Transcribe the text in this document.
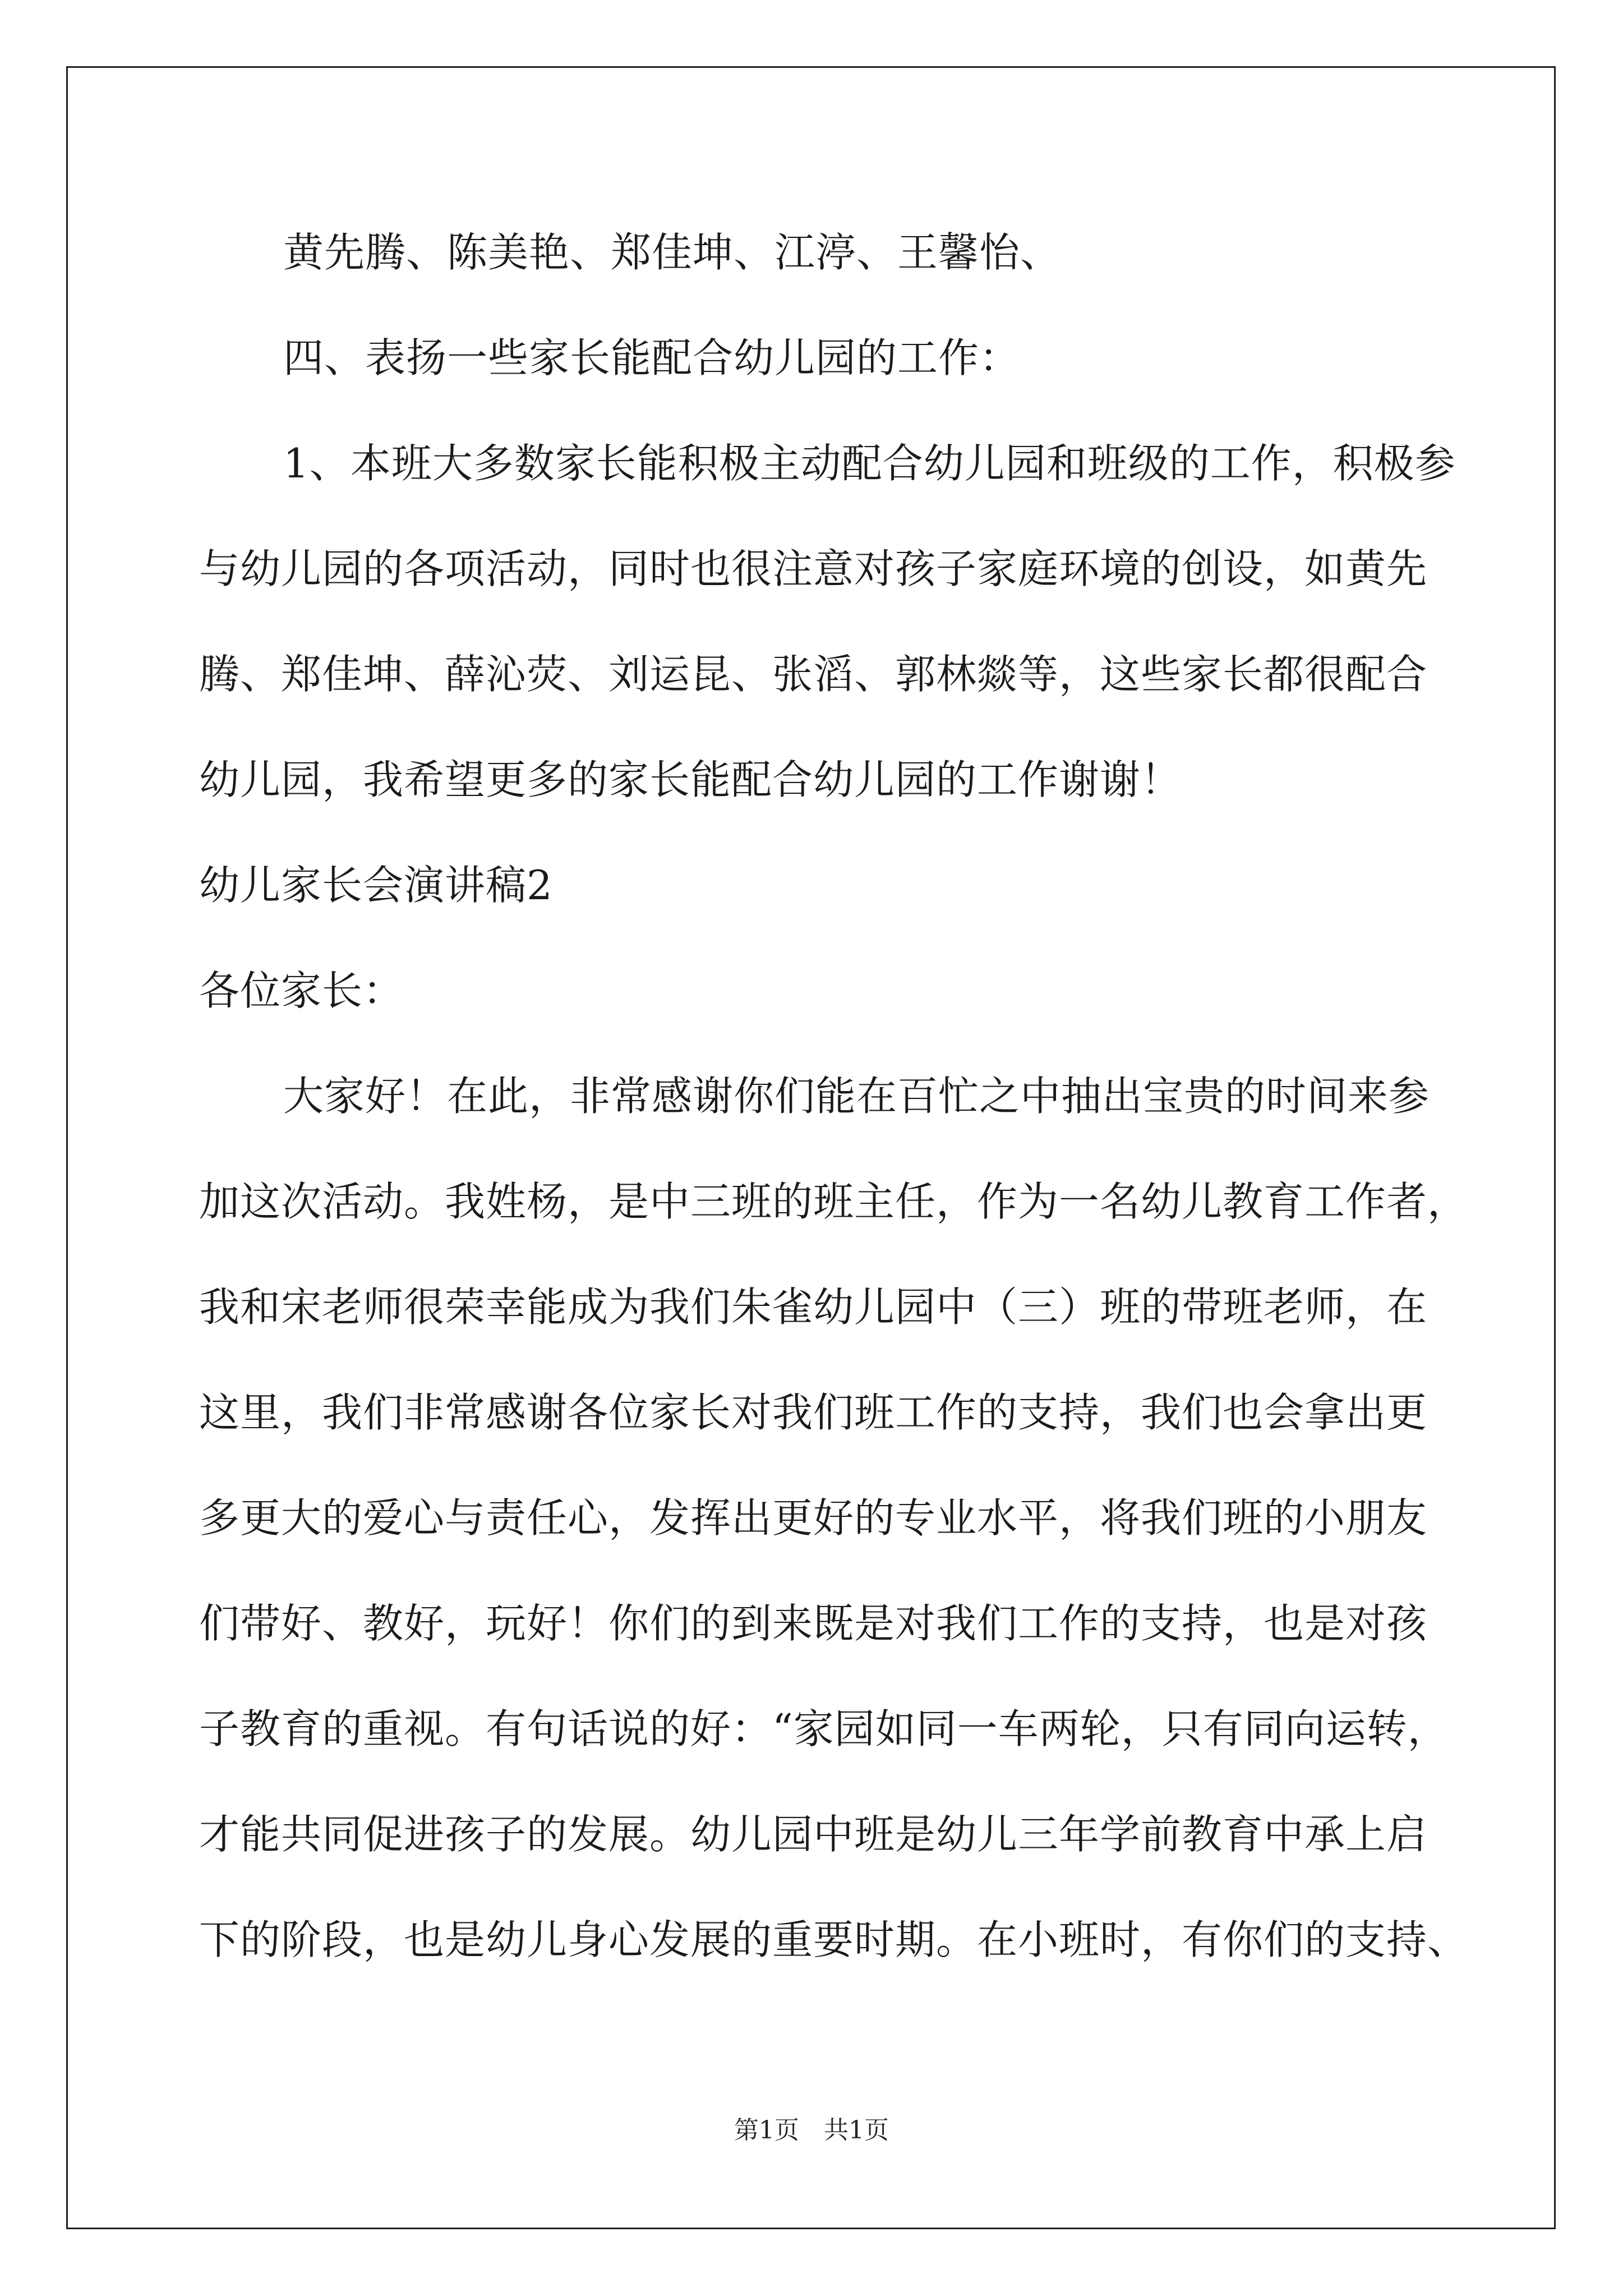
黄先腾、陈美艳、郑佳坤、江渟、王馨怡、
四、表扬一些家长能配合幼儿园的工作：
1、本班大多数家长能积极主动配合幼儿园和班级的工作，积极参
与幼儿园的各项活动，同时也很注意对孩子家庭环境的创设，如黄先
腾、郑佳坤、薛沁荧、刘运昆、张滔、郭林燚等，这些家长都很配合
幼儿园，我希望更多的家长能配合幼儿园的工作谢谢！
幼儿家长会演讲稿2
各位家长：
大家好！在此，非常感谢你们能在百忙之中抽出宝贵的时间来参
加这次活动。我姓杨，是中三班的班主任，作为一名幼儿教育工作者，
我和宋老师很荣幸能成为我们朱雀幼儿园中（三）班的带班老师，在
这里，我们非常感谢各位家长对我们班工作的支持，我们也会拿出更
多更大的爱心与责任心，发挥出更好的专业水平，将我们班的小朋友
们带好、教好，玩好！你们的到来既是对我们工作的支持，也是对孩
子教育的重视。有句话说的好：“家园如同一车两轮，只有同向运转，
才能共同促进孩子的发展。幼儿园中班是幼儿三年学前教育中承上启
下的阶段，也是幼儿身心发展的重要时期。在小班时，有你们的支持、
第1页　共1页
